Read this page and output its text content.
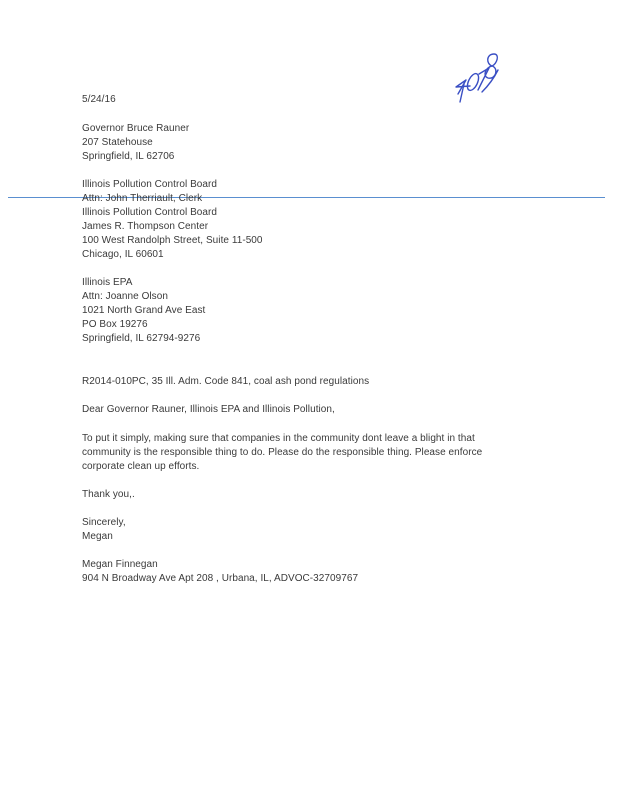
5/24/16
Governor Bruce Rauner
207 Statehouse
Springfield, IL 62706
Illinois Pollution Control Board
Attn: John Therriault, Clerk
Illinois Pollution Control Board
James R. Thompson Center
100 West Randolph Street, Suite 11-500
Chicago, IL 60601
Illinois EPA
Attn: Joanne Olson
1021 North Grand Ave East
PO Box 19276
Springfield, IL 62794-9276
R2014-010PC, 35 Ill. Adm. Code 841, coal ash pond regulations
Dear Governor Rauner, Illinois EPA and Illinois Pollution,
To put it simply, making sure that companies in the community dont leave a blight in that
community is the responsible thing to do. Please do the responsible thing. Please enforce
corporate clean up efforts.
Thank you,.
Sincerely,
Megan
Megan Finnegan
904 N Broadway Ave Apt 208 , Urbana, IL, ADVOC-32709767
